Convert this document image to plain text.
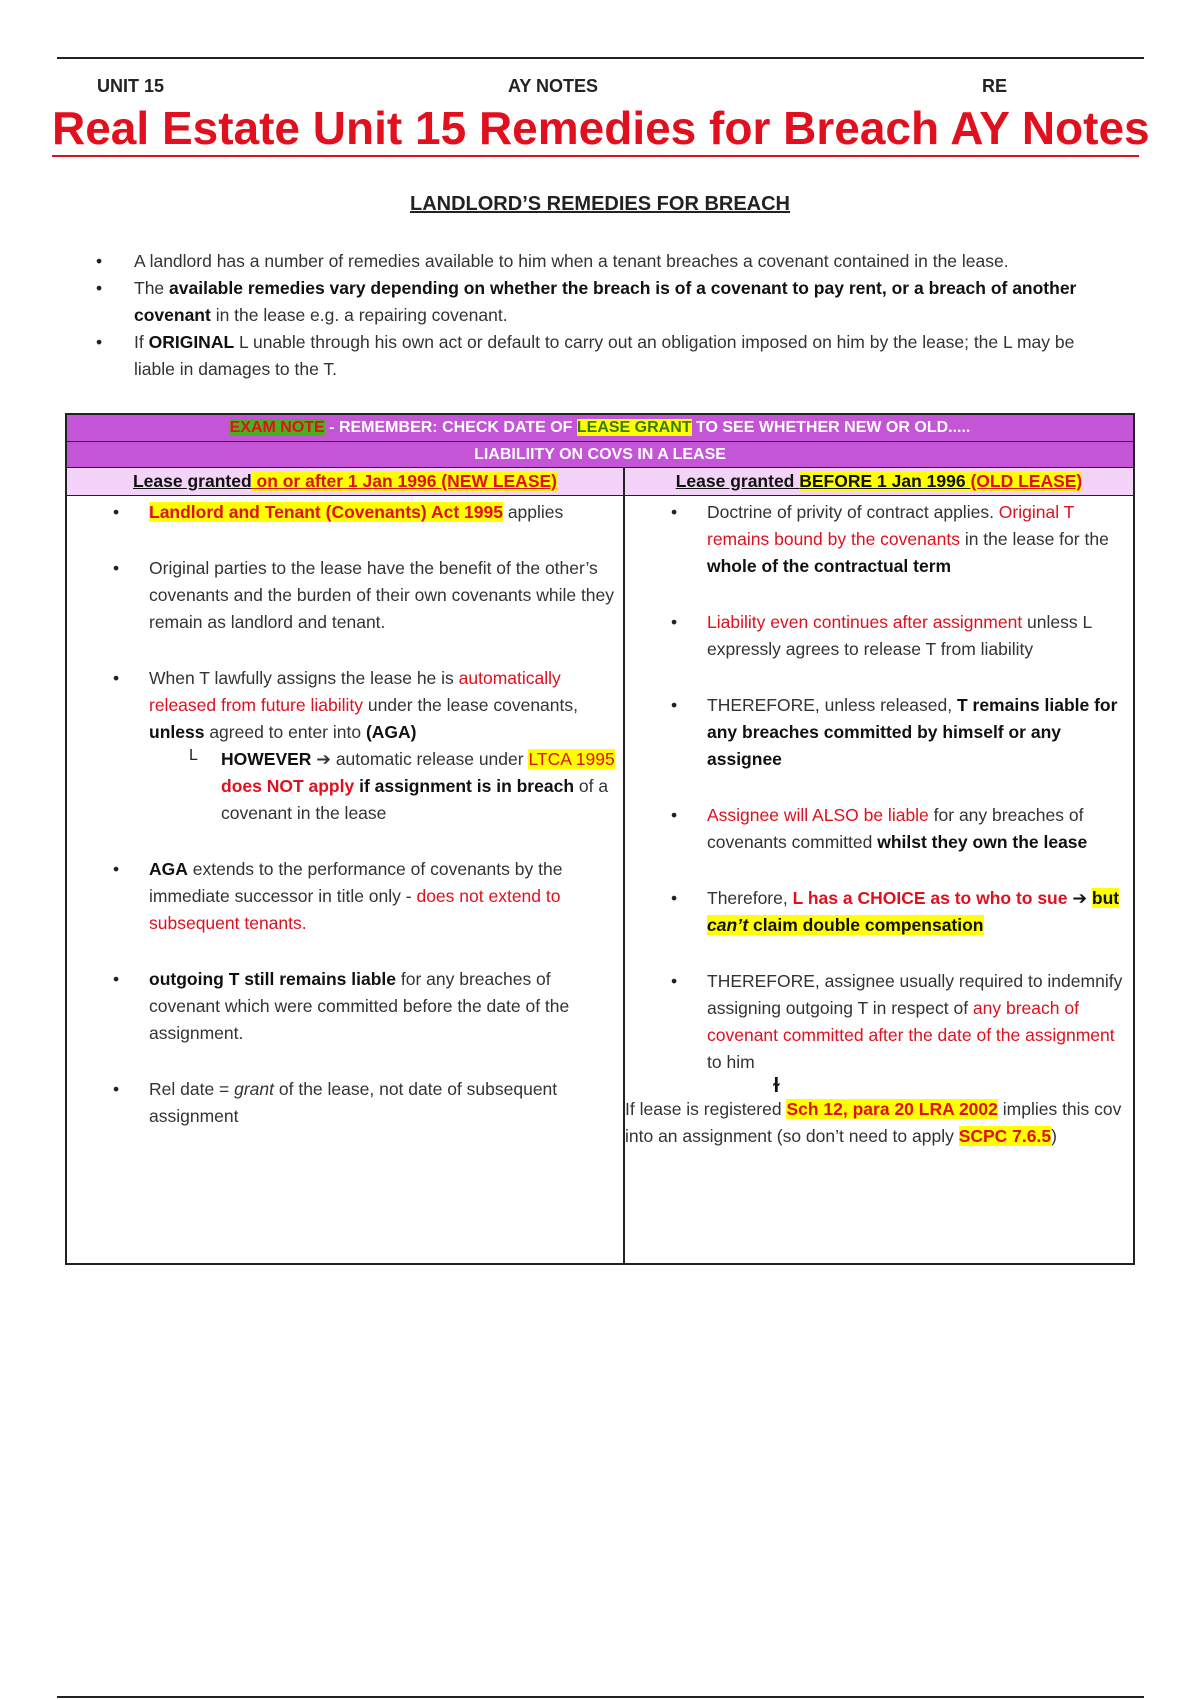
UNIT 15	AY NOTES	RE
Real Estate Unit 15 Remedies for Breach AY Notes
LANDLORD’S REMEDIES FOR BREACH
• A landlord has a number of remedies available to him when a tenant breaches a covenant contained in the lease.
• The available remedies vary depending on whether the breach is of a covenant to pay rent, or a breach of another covenant in the lease e.g. a repairing covenant.
• If ORIGINAL L unable through his own act or default to carry out an obligation imposed on him by the lease; the L may be liable in damages to the T.
EXAM NOTE - REMEMBER: CHECK DATE OF LEASE GRANT TO SEE WHETHER NEW OR OLD.....
LIABILIITY ON COVS IN A LEASE
Lease granted on or after 1 Jan 1996 (NEW LEASE)	Lease granted BEFORE 1 Jan 1996 (OLD LEASE)
• Landlord and Tenant (Covenants) Act 1995 applies
• Original parties to the lease have the benefit of the other’s covenants and the burden of their own covenants while they remain as landlord and tenant.
• When T lawfully assigns the lease he is automatically released from future liability under the lease covenants, unless agreed to enter into (AGA)
L HOWEVER ➔ automatic release under LTCA 1995 does NOT apply if assignment is in breach of a covenant in the lease
• AGA extends to the performance of covenants by the immediate successor in title only - does not extend to subsequent tenants.
• outgoing T still remains liable for any breaches of covenant which were committed before the date of the assignment.
• Rel date = grant of the lease, not date of subsequent assignment
• Doctrine of privity of contract applies. Original T remains bound by the covenants in the lease for the whole of the contractual term
• Liability even continues after assignment unless L expressly agrees to release T from liability
• THEREFORE, unless released, T remains liable for any breaches committed by himself or any assignee
• Assignee will ALSO be liable for any breaches of covenants committed whilst they own the lease
• Therefore, L has a CHOICE as to who to sue ➔ but can’t claim double compensation
• THEREFORE, assignee usually required to indemnify assigning outgoing T in respect of any breach of covenant committed after the date of the assignment to him
ɫ
If lease is registered Sch 12, para 20 LRA 2002 implies this cov into an assignment (so don’t need to apply SCPC 7.6.5)
